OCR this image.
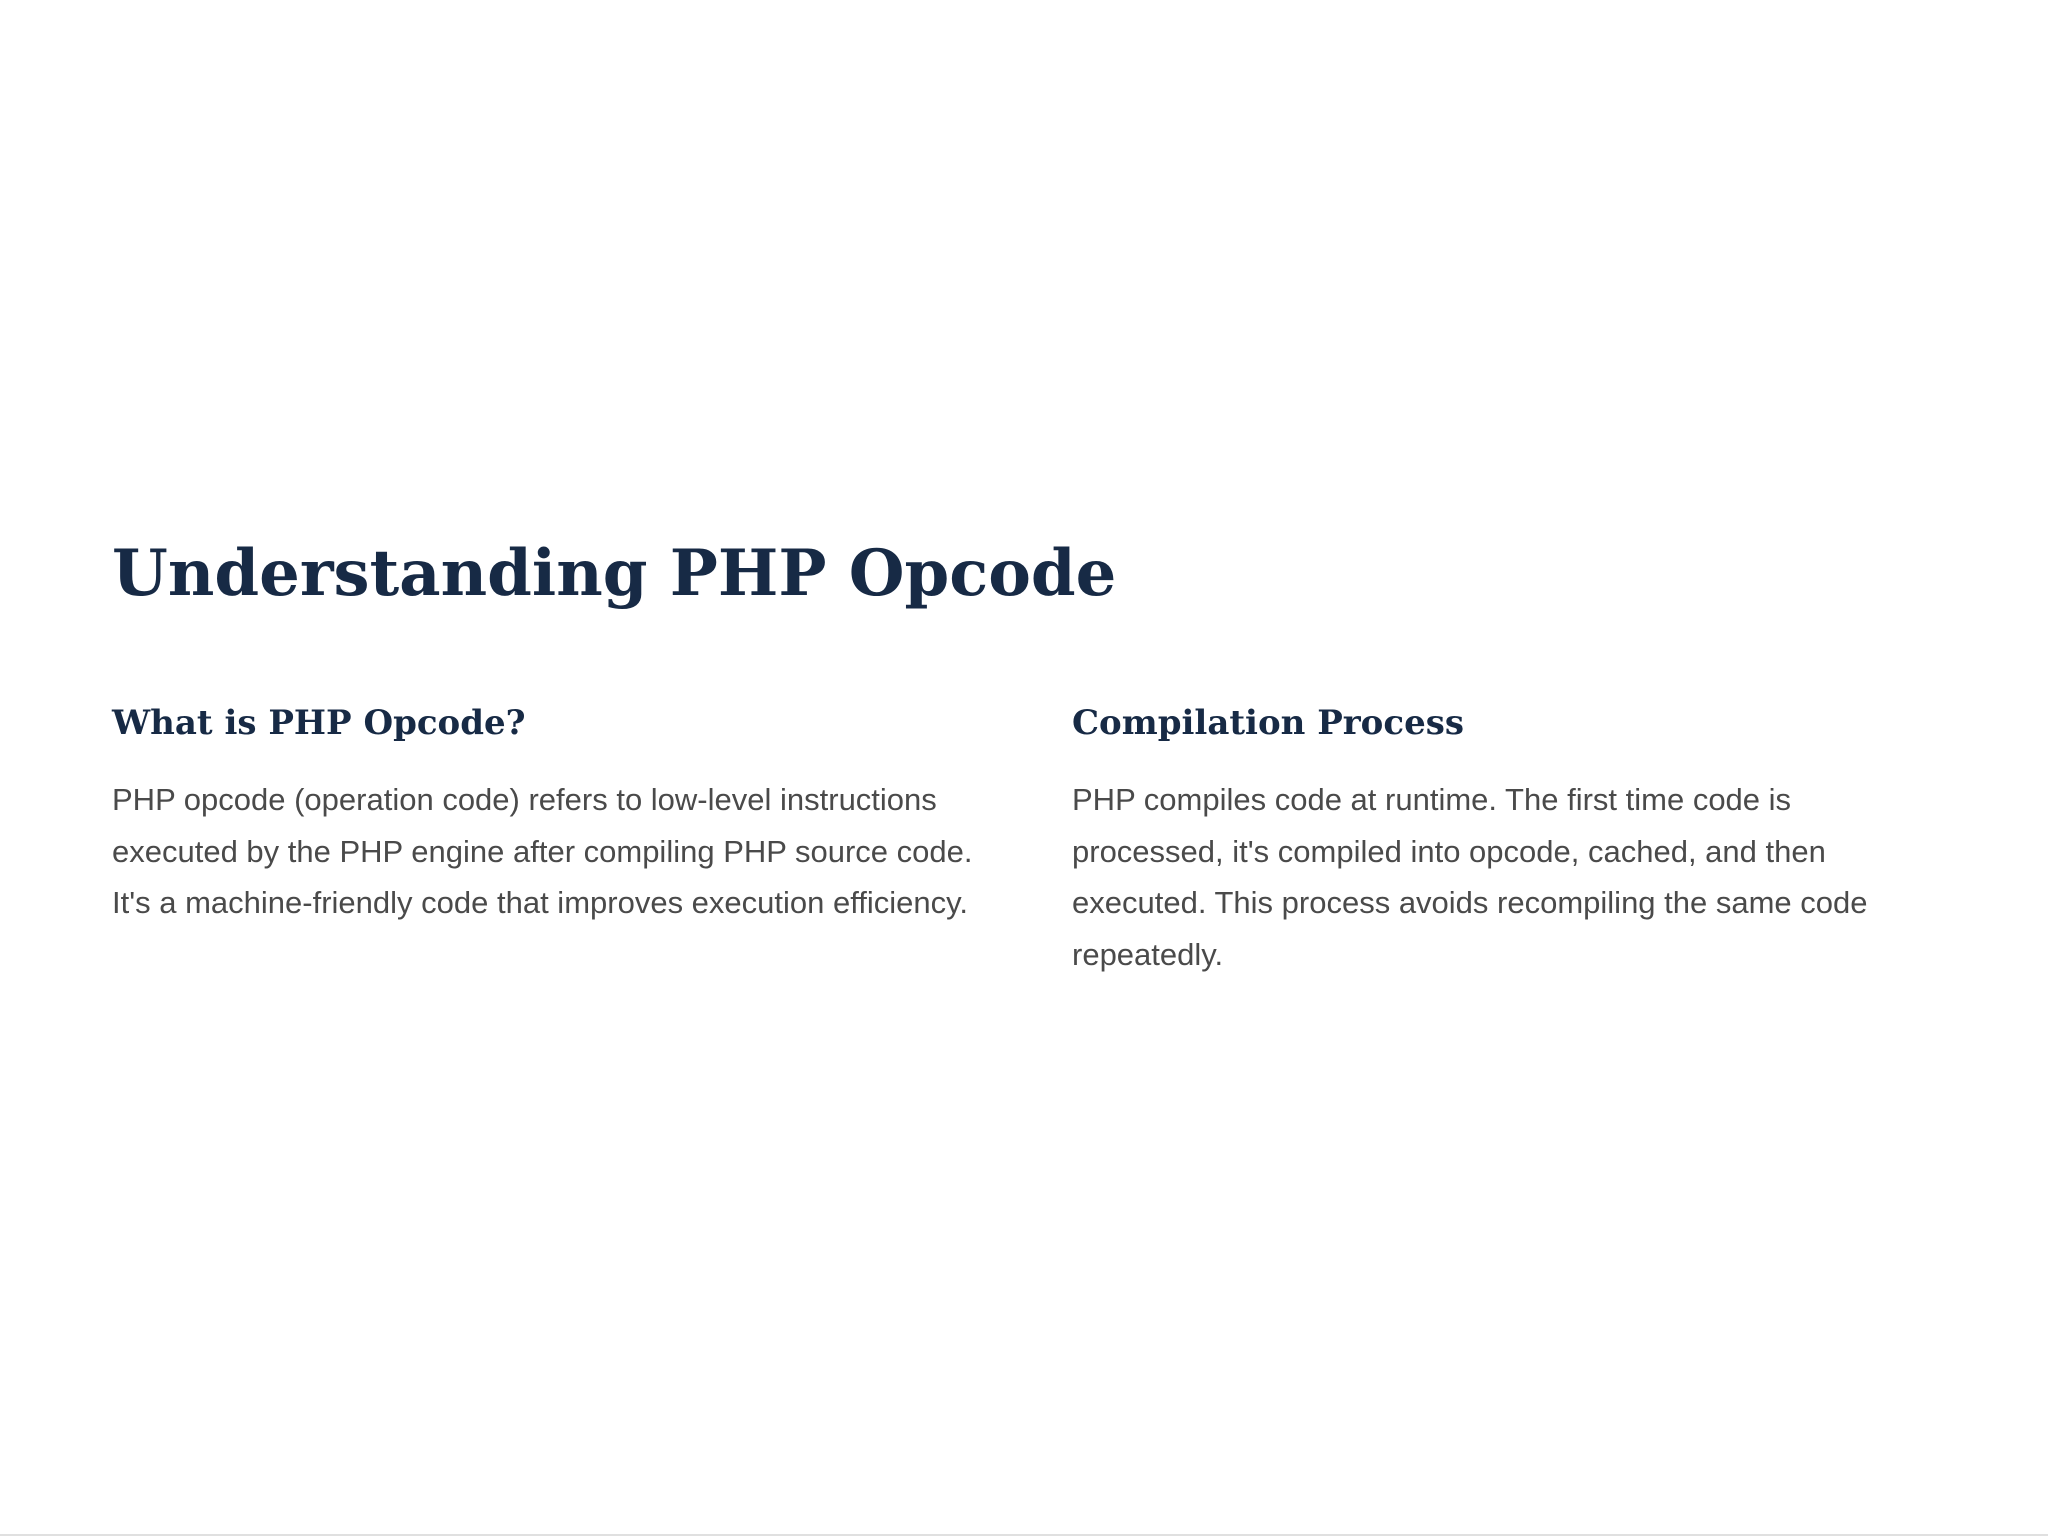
Understanding PHP Opcode
What is PHP Opcode?

PHP opcode (operation code) refers to low-level instructions executed by the PHP engine after compiling PHP source code. It's a machine-friendly code that improves execution efficiency.

Compilation Process

PHP compiles code at runtime. The first time code is processed, it's compiled into opcode, cached, and then executed. This process avoids recompiling the same code repeatedly.
